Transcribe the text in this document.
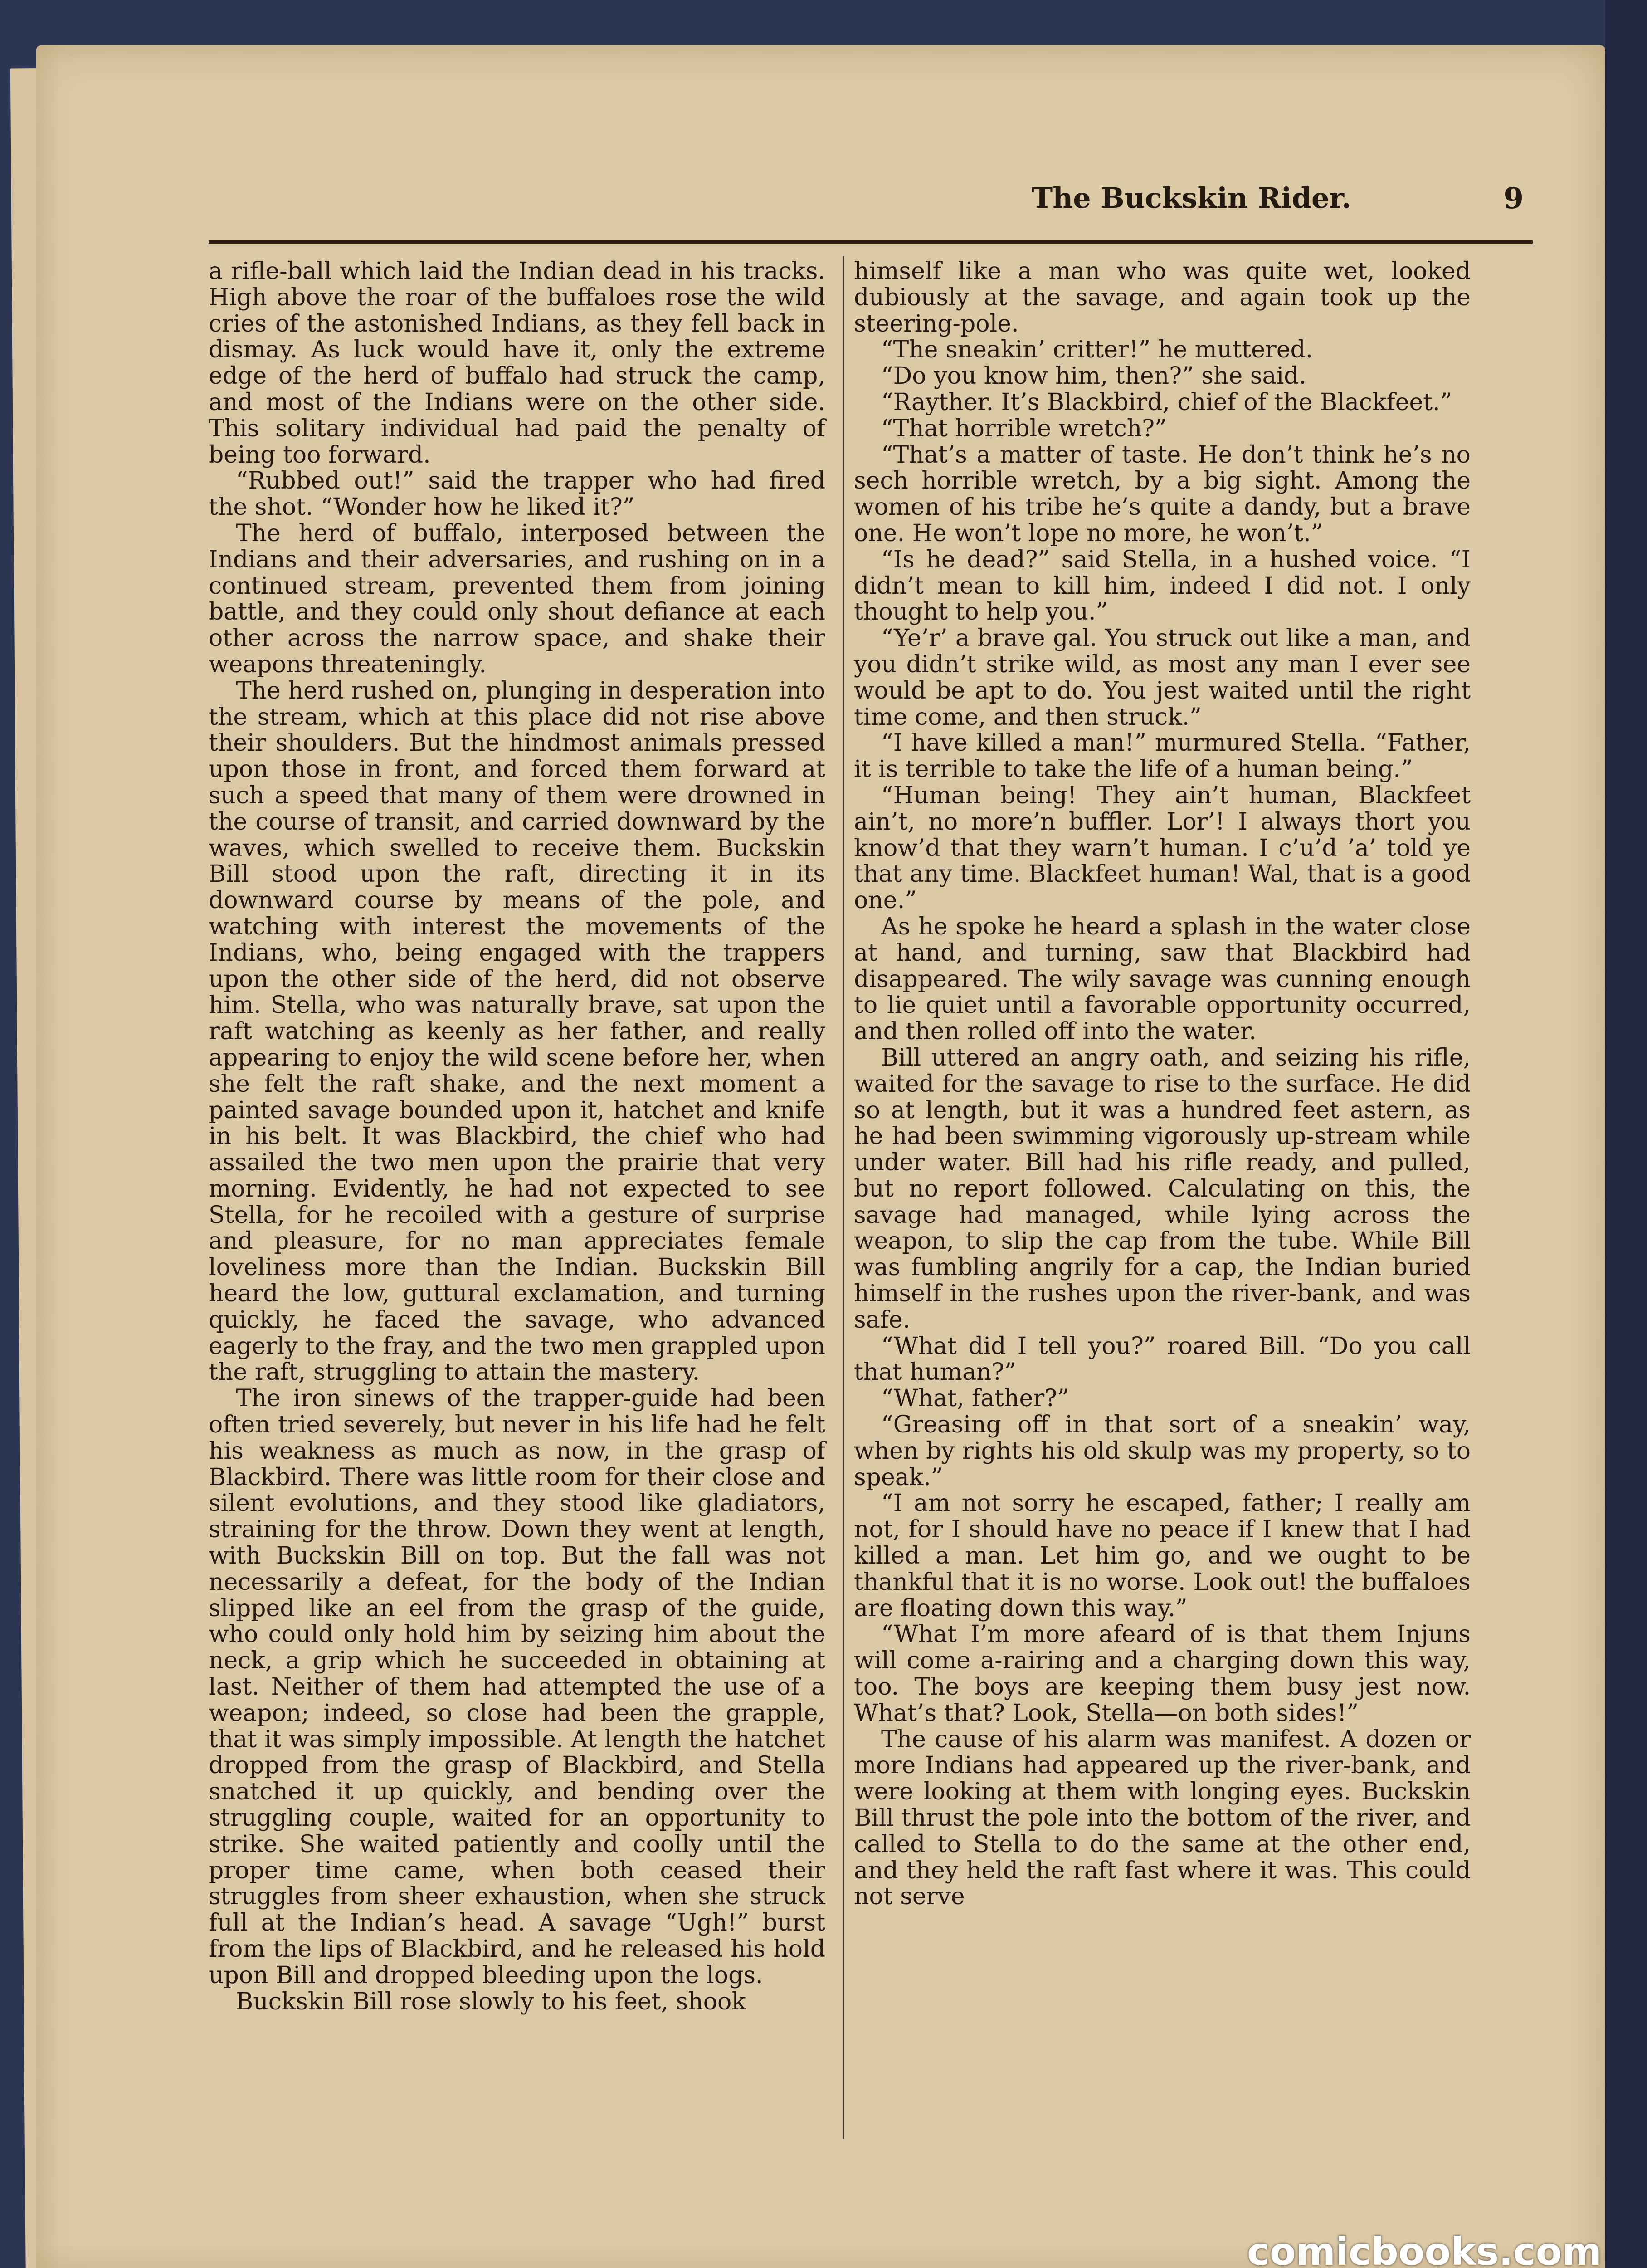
The Buckskin Rider.	9

a rifle-ball which laid the Indian dead in his tracks. High above the roar of the buffaloes rose the wild cries of the astonished Indians, as they fell back in dismay. As luck would have it, only the extreme edge of the herd of buffalo had struck the camp, and most of the Indians were on the other side. This solitary individual had paid the penalty of being too forward.

“Rubbed out!” said the trapper who had fired the shot. “Wonder how he liked it?”

The herd of buffalo, interposed between the Indians and their adversaries, and rushing on in a continued stream, prevented them from joining battle, and they could only shout defiance at each other across the narrow space, and shake their weapons threateningly.

The herd rushed on, plunging in desperation into the stream, which at this place did not rise above their shoulders. But the hindmost animals pressed upon those in front, and forced them forward at such a speed that many of them were drowned in the course of transit, and carried downward by the waves, which swelled to receive them. Buckskin Bill stood upon the raft, directing it in its downward course by means of the pole, and watching with interest the movements of the Indians, who, being engaged with the trappers upon the other side of the herd, did not observe him. Stella, who was naturally brave, sat upon the raft watching as keenly as her father, and really appearing to enjoy the wild scene before her, when she felt the raft shake, and the next moment a painted savage bounded upon it, hatchet and knife in his belt. It was Blackbird, the chief who had assailed the two men upon the prairie that very morning. Evidently, he had not expected to see Stella, for he recoiled with a gesture of surprise and pleasure, for no man appreciates female loveliness more than the Indian. Buckskin Bill heard the low, guttural exclamation, and turning quickly, he faced the savage, who advanced eagerly to the fray, and the two men grappled upon the raft, struggling to attain the mastery.

The iron sinews of the trapper-guide had been often tried severely, but never in his life had he felt his weakness as much as now, in the grasp of Blackbird. There was little room for their close and silent evolutions, and they stood like gladiators, straining for the throw. Down they went at length, with Buckskin Bill on top. But the fall was not necessarily a defeat, for the body of the Indian slipped like an eel from the grasp of the guide, who could only hold him by seizing him about the neck, a grip which he succeeded in obtaining at last. Neither of them had attempted the use of a weapon; indeed, so close had been the grapple, that it was simply impossible. At length the hatchet dropped from the grasp of Blackbird, and Stella snatched it up quickly, and bending over the struggling couple, waited for an opportunity to strike. She waited patiently and coolly until the proper time came, when both ceased their struggles from sheer exhaustion, when she struck full at the Indian’s head. A savage “Ugh!” burst from the lips of Blackbird, and he released his hold upon Bill and dropped bleeding upon the logs.

Buckskin Bill rose slowly to his feet, shook

himself like a man who was quite wet, looked dubiously at the savage, and again took up the steering-pole.

“The sneakin’ critter!” he muttered.

“Do you know him, then?” she said.

“Rayther. It’s Blackbird, chief of the Blackfeet.”

“That horrible wretch?”

“That’s a matter of taste. He don’t think he’s no sech horrible wretch, by a big sight. Among the women of his tribe he’s quite a dandy, but a brave one. He won’t lope no more, he won’t.”

“Is he dead?” said Stella, in a hushed voice. “I didn’t mean to kill him, indeed I did not. I only thought to help you.”

“Ye’r’ a brave gal. You struck out like a man, and you didn’t strike wild, as most any man I ever see would be apt to do. You jest waited until the right time come, and then struck.”

“I have killed a man!” murmured Stella. “Father, it is terrible to take the life of a human being.”

“Human being! They ain’t human, Blackfeet ain’t, no more’n buffler. Lor’! I always thort you know’d that they warn’t human. I c’u’d ’a’ told ye that any time. Blackfeet human! Wal, that is a good one.”

As he spoke he heard a splash in the water close at hand, and turning, saw that Blackbird had disappeared. The wily savage was cunning enough to lie quiet until a favorable opportunity occurred, and then rolled off into the water.

Bill uttered an angry oath, and seizing his rifle, waited for the savage to rise to the surface. He did so at length, but it was a hundred feet astern, as he had been swimming vigorously up-stream while under water. Bill had his rifle ready, and pulled, but no report followed. Calculating on this, the savage had managed, while lying across the weapon, to slip the cap from the tube. While Bill was fumbling angrily for a cap, the Indian buried himself in the rushes upon the river-bank, and was safe.

“What did I tell you?” roared Bill. “Do you call that human?”

“What, father?”

“Greasing off in that sort of a sneakin’ way, when by rights his old skulp was my property, so to speak.”

“I am not sorry he escaped, father; I really am not, for I should have no peace if I knew that I had killed a man. Let him go, and we ought to be thankful that it is no worse. Look out! the buffaloes are floating down this way.”

“What I’m more afeard of is that them Injuns will come a-rairing and a charging down this way, too. The boys are keeping them busy jest now. What’s that? Look, Stella—on both sides!”

The cause of his alarm was manifest. A dozen or more Indians had appeared up the river-bank, and were looking at them with longing eyes. Buckskin Bill thrust the pole into the bottom of the river, and called to Stella to do the same at the other end, and they held the raft fast where it was. This could not serve

comicbooks.com
